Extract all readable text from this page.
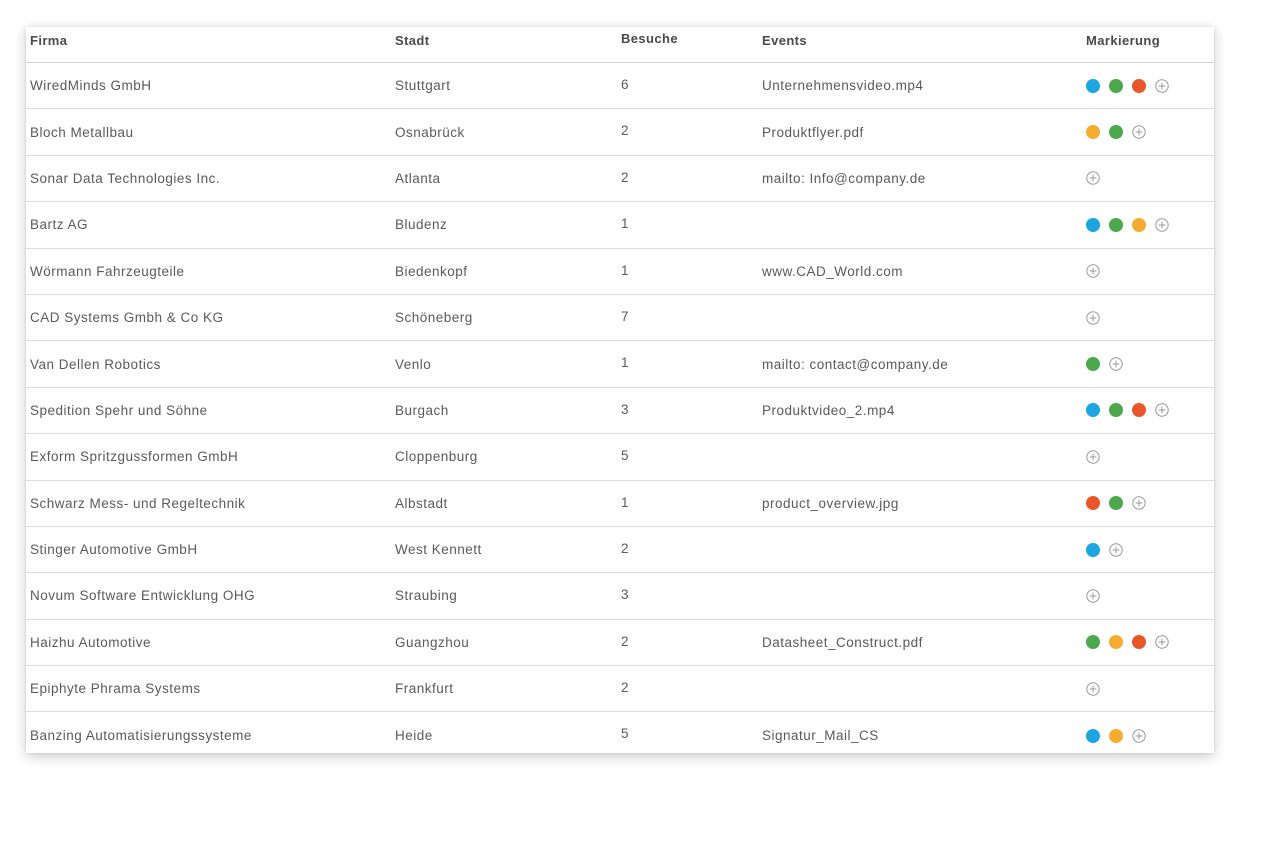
Firma	Stadt	Besuche	Events	Markierung
WiredMinds GmbH	Stuttgart	6	Unternehmensvideo.mp4
Bloch Metallbau	Osnabrück	2	Produktflyer.pdf
Sonar Data Technologies Inc.	Atlanta	2	mailto: Info@company.de
Bartz AG	Bludenz	1
Wörmann Fahrzeugteile	Biedenkopf	1	www.CAD_World.com
CAD Systems Gmbh & Co KG	Schöneberg	7
Van Dellen Robotics	Venlo	1	mailto: contact@company.de
Spedition Spehr und Söhne	Burgach	3	Produktvideo_2.mp4
Exform Spritzgussformen GmbH	Cloppenburg	5
Schwarz Mess- und Regeltechnik	Albstadt	1	product_overview.jpg
Stinger Automotive GmbH	West Kennett	2
Novum Software Entwicklung OHG	Straubing	3
Haizhu Automotive	Guangzhou	2	Datasheet_Construct.pdf
Epiphyte Phrama Systems	Frankfurt	2
Banzing Automatisierungssysteme	Heide	5	Signatur_Mail_CS
